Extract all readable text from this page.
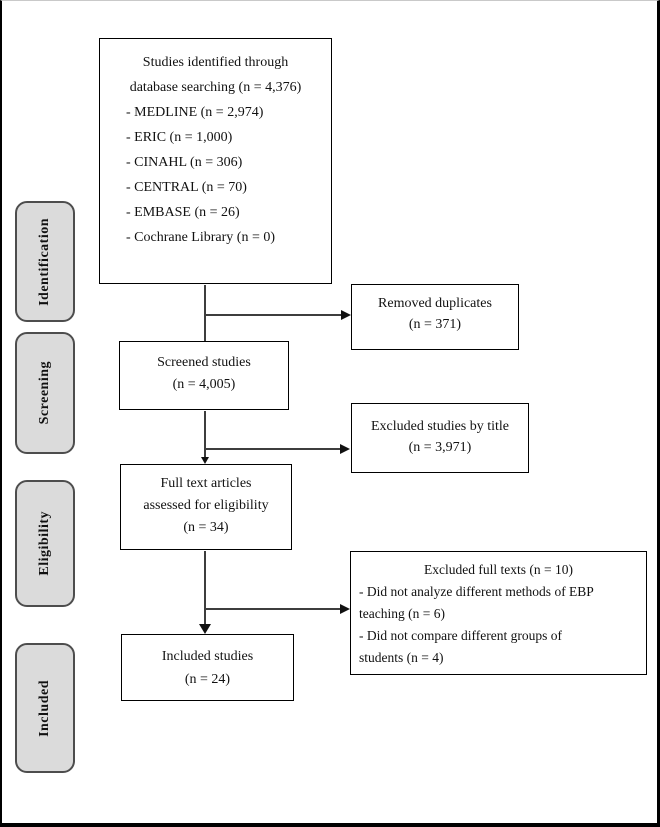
Identification
Screening
Eligibility
Included
Studies identified through
database searching (n = 4,376)
- MEDLINE (n = 2,974)
- ERIC (n = 1,000)
- CINAHL (n = 306)
- CENTRAL (n = 70)
- EMBASE (n = 26)
- Cochrane Library (n = 0)
Screened studies
(n = 4,005)
Full text articles
assessed for eligibility
(n = 34)
Included studies
(n = 24)
Removed duplicates
(n = 371)
Excluded studies by title
(n = 3,971)
Excluded full texts (n = 10)
- Did not analyze different methods of EBP
teaching (n = 6)
- Did not compare different groups of
students (n = 4)
